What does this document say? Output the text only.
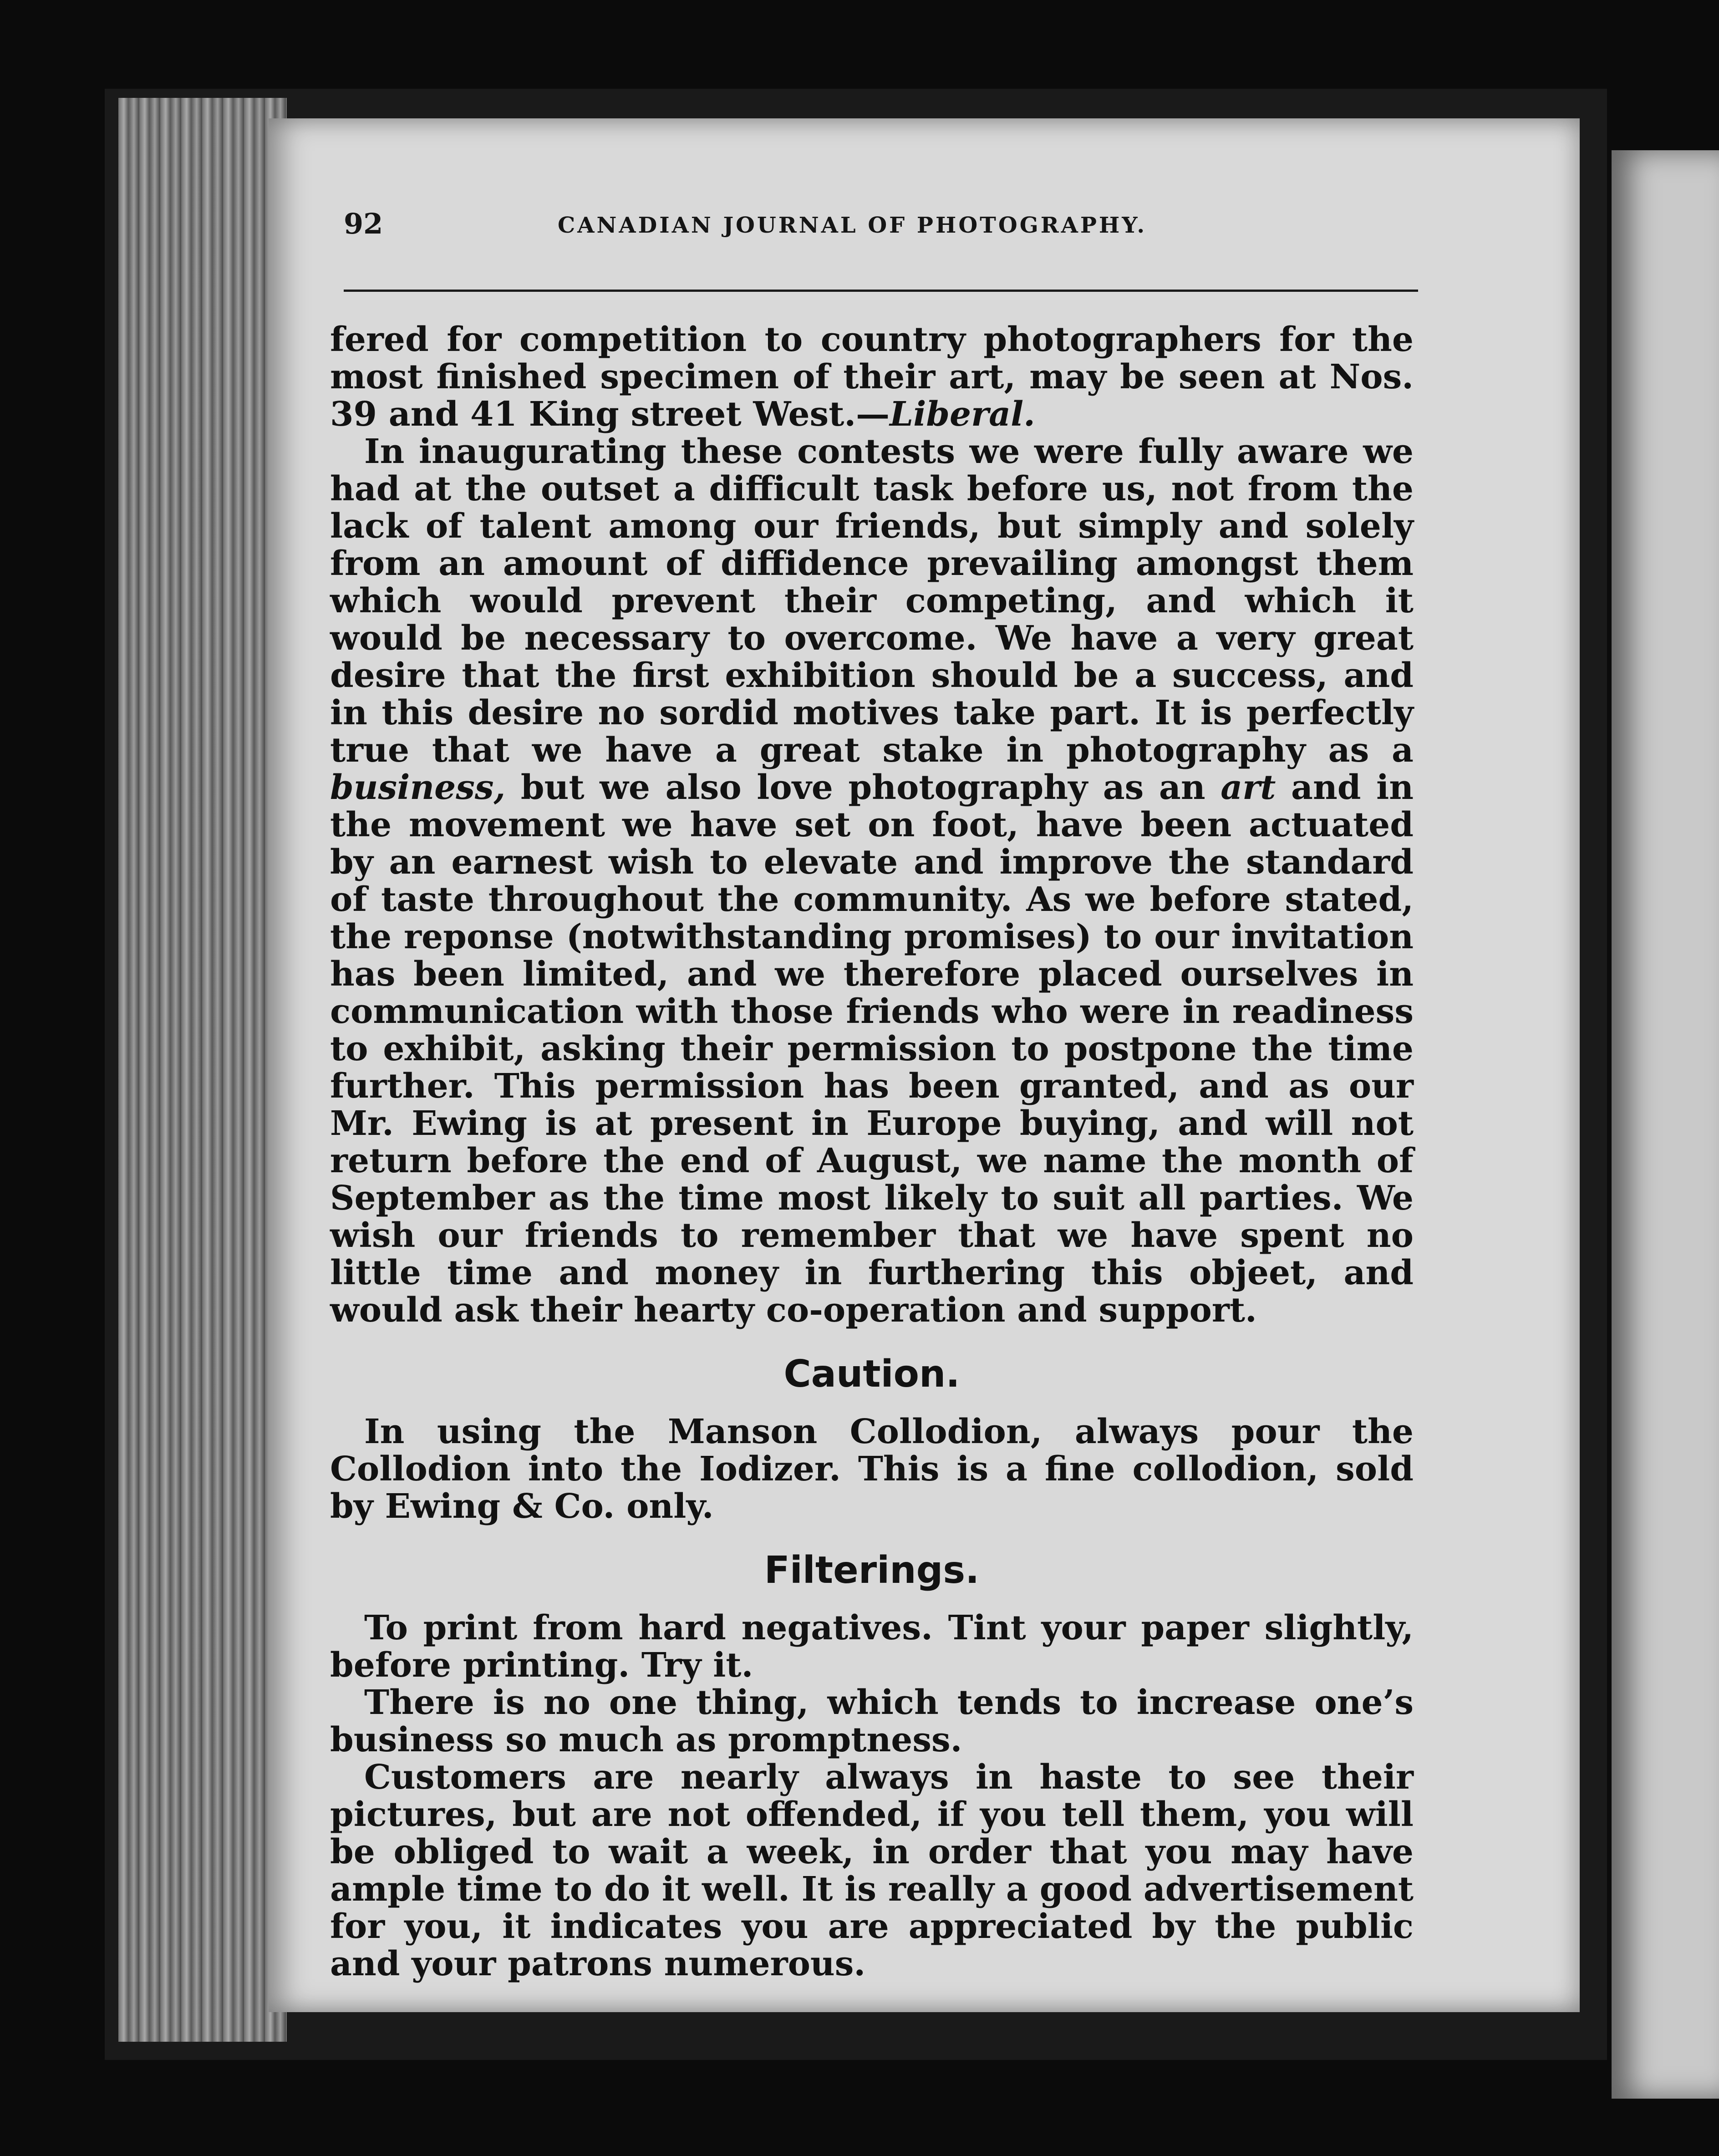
92	CANADIAN JOURNAL OF PHOTOGRAPHY.

fered for competition to country photographers for the most finished specimen of their art, may be seen at Nos. 39 and 41 King street West.—Liberal.

In inaugurating these contests we were fully aware we had at the outset a difficult task before us, not from the lack of talent among our friends, but simply and solely from an amount of diffidence prevailing amongst them which would prevent their competing, and which it would be necessary to overcome. We have a very great desire that the first exhibition should be a success, and in this desire no sordid motives take part. It is perfectly true that we have a great stake in photography as a business, but we also love photography as an art and in the movement we have set on foot, have been actuated by an earnest wish to elevate and improve the standard of taste throughout the community. As we before stated, the reponse (notwithstanding promises) to our invitation has been limited, and we therefore placed ourselves in communication with those friends who were in readiness to exhibit, asking their permission to postpone the time further. This permission has been granted, and as our Mr. Ewing is at present in Europe buying, and will not return before the end of August, we name the month of September as the time most likely to suit all parties. We wish our friends to remember that we have spent no little time and money in furthering this objeet, and would ask their hearty co-operation and support.

Caution.

In using the Manson Collodion, always pour the Collodion into the Iodizer. This is a fine collodion, sold by Ewing & Co. only.

Filterings.

To print from hard negatives. Tint your paper slightly, before printing. Try it.

There is no one thing, which tends to increase one’s business so much as promptness.

Customers are nearly always in haste to see their pictures, but are not offended, if you tell them, you will be obliged to wait a week, in order that you may have ample time to do it well. It is really a good advertisement for you, it indicates you are appreciated by the public and your patrons numerous.
